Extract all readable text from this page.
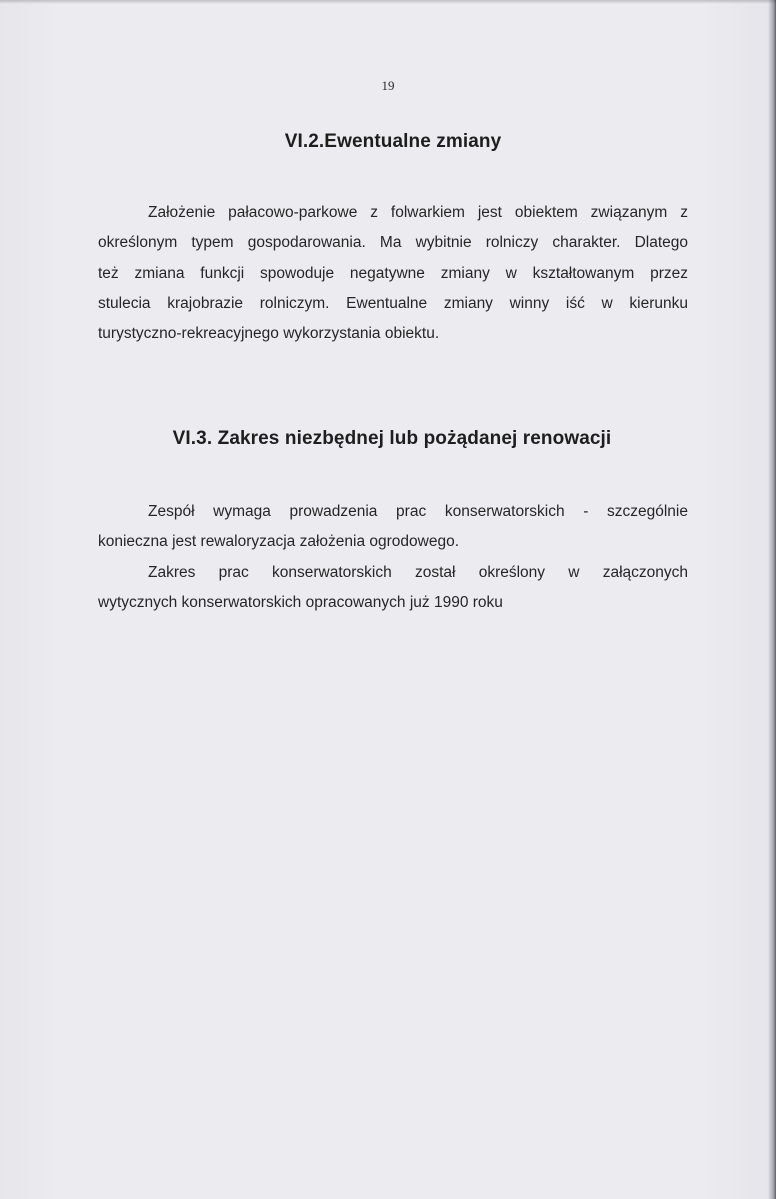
19
VI.2.Ewentualne zmiany
Założenie pałacowo-parkowe z folwarkiem jest obiektem związanym z
określonym typem gospodarowania. Ma wybitnie rolniczy charakter. Dlatego
też zmiana funkcji spowoduje negatywne zmiany w kształtowanym przez
stulecia krajobrazie rolniczym. Ewentualne zmiany winny iść w kierunku
turystyczno-rekreacyjnego wykorzystania obiektu.
VI.3. Zakres niezbędnej lub pożądanej renowacji
Zespół wymaga prowadzenia prac konserwatorskich - szczególnie
konieczna jest rewaloryzacja założenia ogrodowego.
Zakres prac konserwatorskich został określony w załączonych
wytycznych konserwatorskich opracowanych już 1990 roku
